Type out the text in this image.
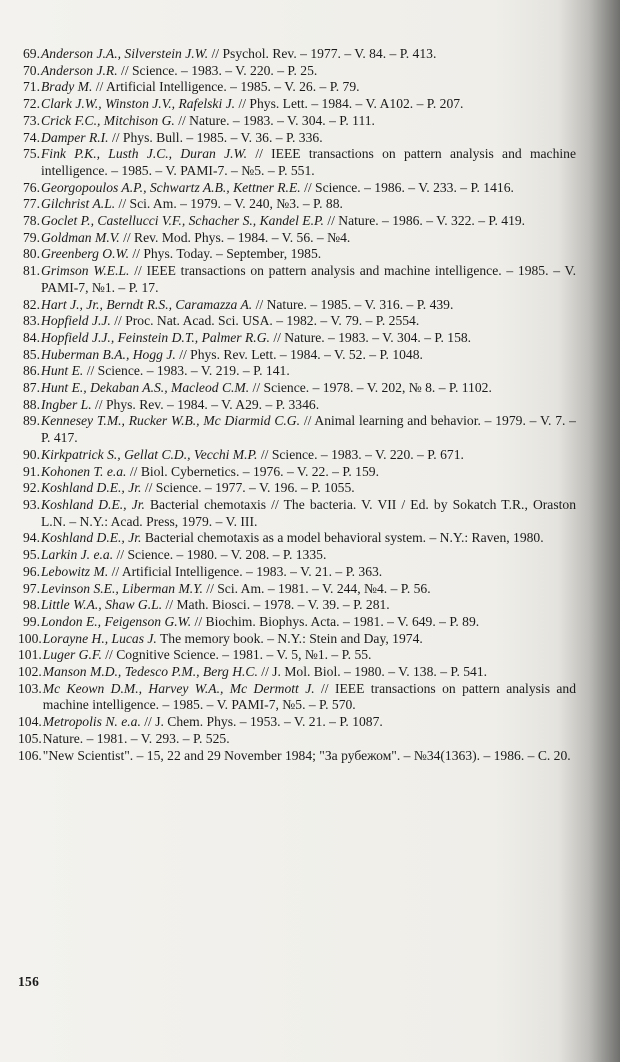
69 . Anderson J.A., Silverstein J.W. // Psychol. Rev. – 1977. – V. 84. – P. 413.
70 . Anderson J.R. // Science. – 1983. – V. 220. – P. 25.
71 . Brady M. // Artificial Intelligence. – 1985. – V. 26. – P. 79.
72 . Clark J.W., Winston J.V., Rafelski J. // Phys. Lett. – 1984. – V. A102. – P. 207.
73 . Crick F.C., Mitchison G. // Nature. – 1983. – V. 304. – P. 111.
74 . Damper R.I. // Phys. Bull. – 1985. – V. 36. – P. 336.
75 . Fink P.K., Lusth J.C., Duran J.W. // IEEE transactions on pattern analysis and machine intelligence. – 1985. – V. PAMI-7. – №5. – P. 551.
76 . Georgopoulos A.P., Schwartz A.B., Kettner R.E. // Science. – 1986. – V. 233. – P. 1416.
77 . Gilchrist A.L. // Sci. Am. – 1979. – V. 240, №3. – P. 88.
78 . Goclet P., Castellucci V.F., Schacher S., Kandel E.P. // Nature. – 1986. – V. 322. – P. 419.
79 . Goldman M.V. // Rev. Mod. Phys. – 1984. – V. 56. – №4.
80 . Greenberg O.W. // Phys. Today. – September, 1985.
81 . Grimson W.E.L. // IEEE transactions on pattern analysis and machine intelligence. – 1985. – V. PAMI-7, №1. – P. 17.
82 . Hart J., Jr., Berndt R.S., Caramazza A. // Nature. – 1985. – V. 316. – P. 439.
83 . Hopfield J.J. // Proc. Nat. Acad. Sci. USA. – 1982. – V. 79. – P. 2554.
84 . Hopfield J.J., Feinstein D.T., Palmer R.G. // Nature. – 1983. – V. 304. – P. 158.
85 . Huberman B.A., Hogg J. // Phys. Rev. Lett. – 1984. – V. 52. – P. 1048.
86 . Hunt E. // Science. – 1983. – V. 219. – P. 141.
87 . Hunt E., Dekaban A.S., Macleod C.M. // Science. – 1978. – V. 202, № 8. – P. 1102.
88 . Ingber L. // Phys. Rev. – 1984. – V. A29. – P. 3346.
89 . Kennesey T.M., Rucker W.B., Mc Diarmid C.G. // Animal learning and behavior. – 1979. – V. 7. – P. 417.
90 . Kirkpatrick S., Gellat C.D., Vecchi M.P. // Science. – 1983. – V. 220. – P. 671.
91 . Kohonen T. e.a. // Biol. Cybernetics. – 1976. – V. 22. – P. 159.
92 . Koshland D.E., Jr. // Science. – 1977. – V. 196. – P. 1055.
93 . Koshland D.E., Jr. Bacterial chemotaxis // The bacteria. V. VII / Ed. by Sokatch T.R., Oraston L.N. – N.Y.: Acad. Press, 1979. – V. III.
94 . Koshland D.E., Jr. Bacterial chemotaxis as a model behavioral system. – N.Y.: Raven, 1980.
95 . Larkin J. e.a. // Science. – 1980. – V. 208. – P. 1335.
96 . Lebowitz M. // Artificial Intelligence. – 1983. – V. 21. – P. 363.
97 . Levinson S.E., Liberman M.Y. // Sci. Am. – 1981. – V. 244, №4. – P. 56.
98 . Little W.A., Shaw G.L. // Math. Biosci. – 1978. – V. 39. – P. 281.
99 . London E., Feigenson G.W. // Biochim. Biophys. Acta. – 1981. – V. 649. – P. 89.
100 . Lorayne H., Lucas J. The memory book. – N.Y.: Stein and Day, 1974.
101 . Luger G.F. // Cognitive Science. – 1981. – V. 5, №1. – P. 55.
102 . Manson M.D., Tedesco P.M., Berg H.C. // J. Mol. Biol. – 1980. – V. 138. – P. 541.
103 . Mc Keown D.M., Harvey W.A., Mc Dermott J. // IEEE transactions on pattern analysis and machine intelligence. – 1985. – V. PAMI-7, №5. – P. 570.
104 . Metropolis N. e.a. // J. Chem. Phys. – 1953. – V. 21. – P. 1087.
105 . Nature. – 1981. – V. 293. – P. 525.
106 . "New Scientist". – 15, 22 and 29 November 1984; "За рубежом". – №34(1363). – 1986. – С. 20.
156
